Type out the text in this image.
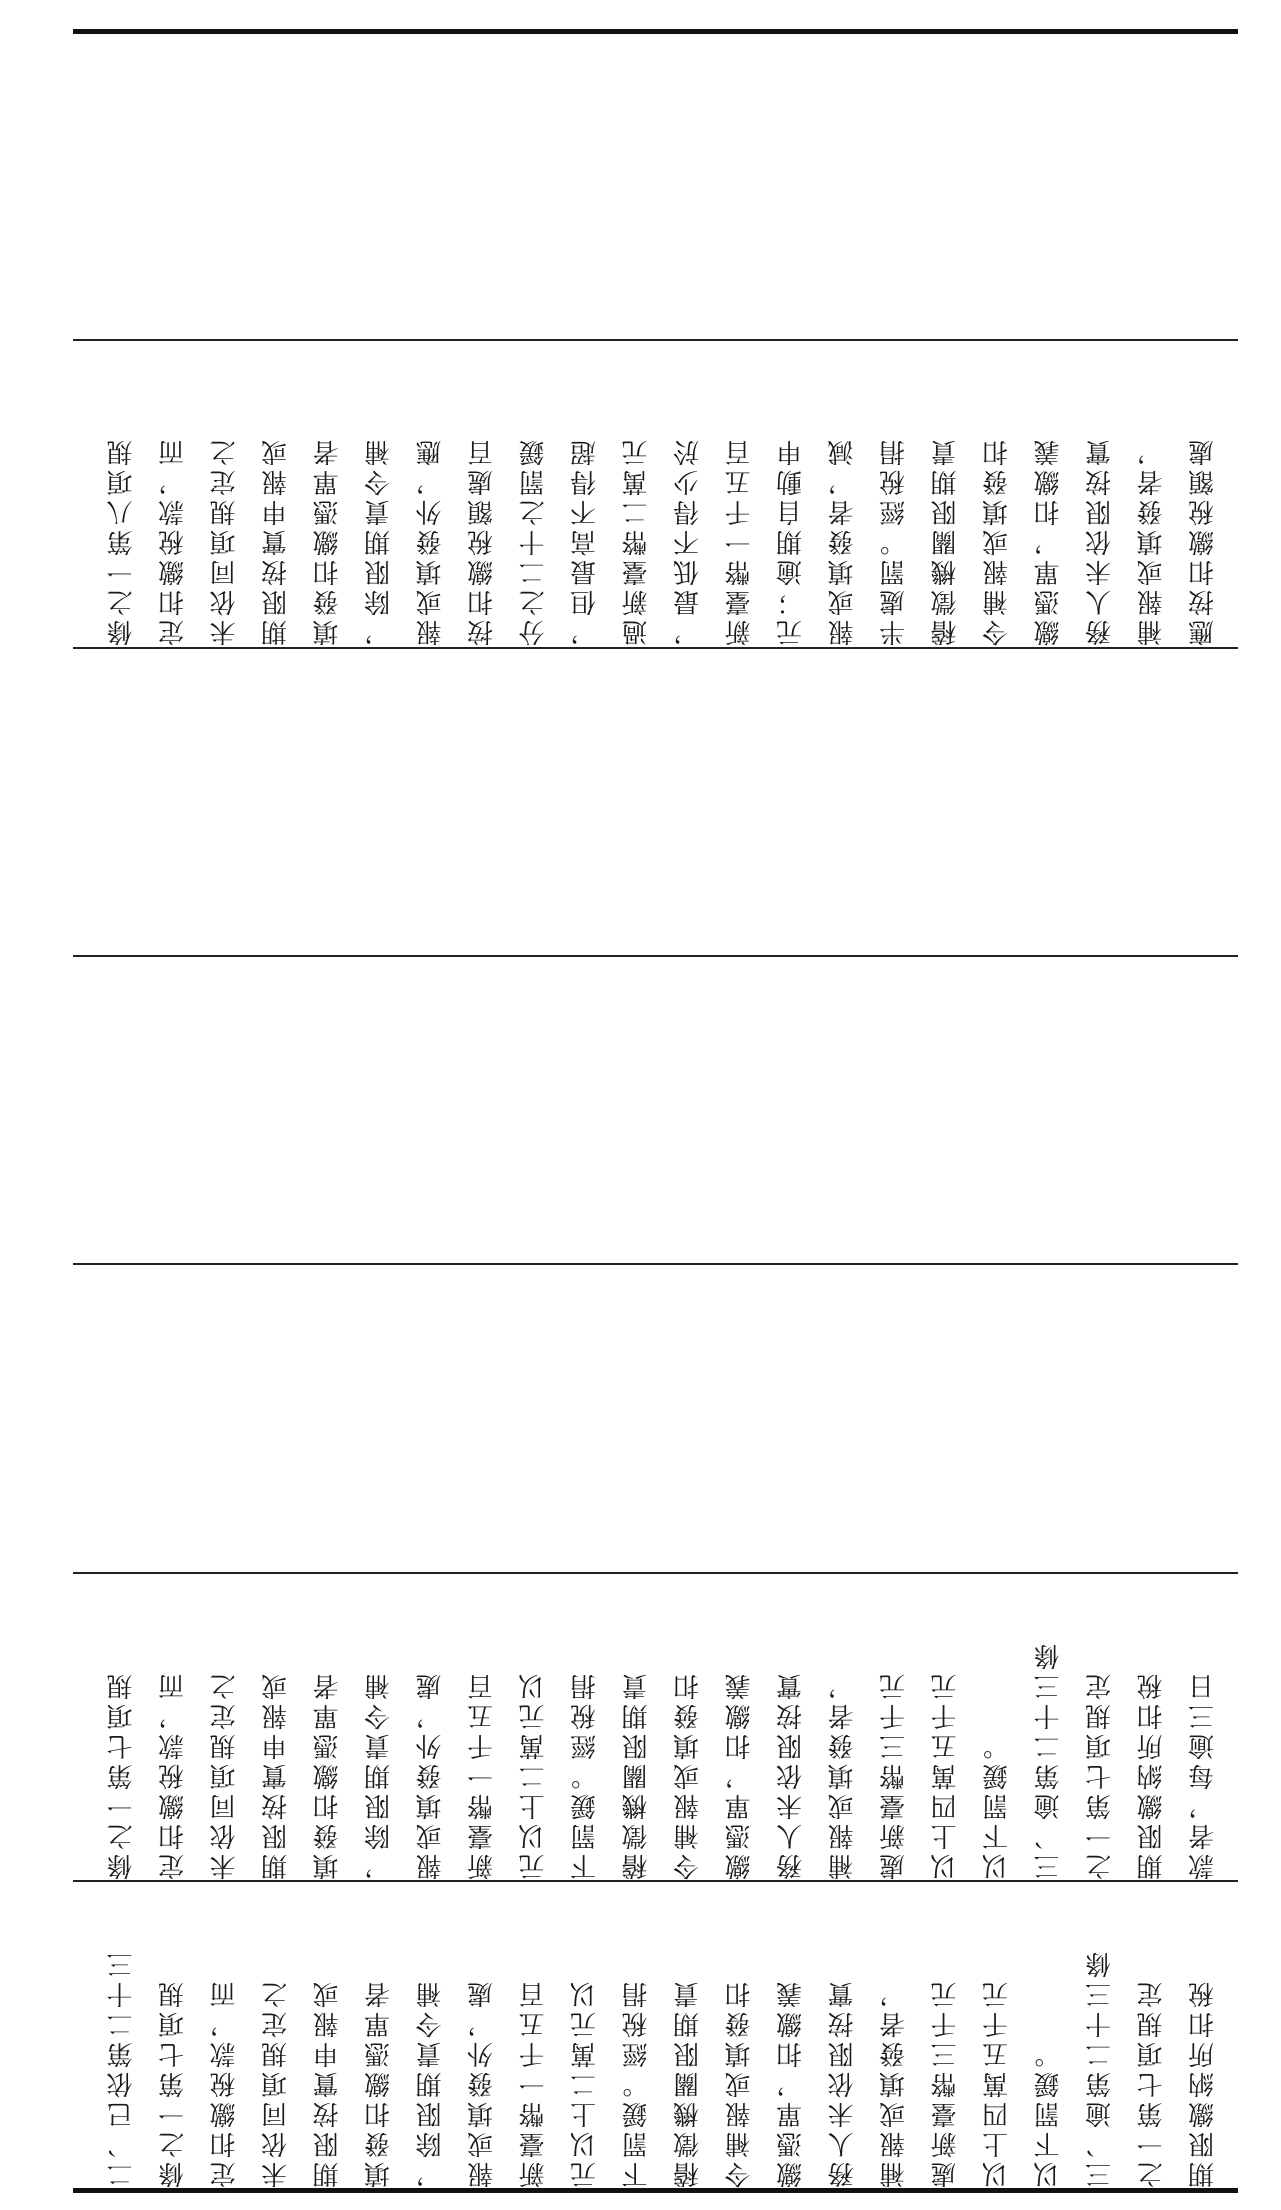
條之一第八項規
定扣繳稅款，而
未依同項規定之
期限按實申報或
填發扣繳憑單者
，除限期責令補
報或填發外，應
按扣繳稅額處百
分之二十之罰鍰
，但最高不得超
過新臺幣二萬元
，最低不得少於
新臺幣一千五百
元；逾期自動申
報或填發者，減
半處罰。經稅捐
稽徵機關限期責
令補報或填發扣
繳憑單，扣繳義
務人未依限按實
補報或填發者，
應按扣繳稅額處
條之一第七項規
定扣繳稅款，而
未依同項規定之
期限按實申報或
填發扣繳憑單者
，除限期責令補
報或填發外，處
新臺幣一千五百
元以上二萬元以
下罰鍰。經稅捐
稽徵機關限期責
令補報或填發扣
繳憑單，扣繳義
務人未依限按實
補報或填發者，
處新臺幣三千元
以上四萬五千元
以下罰鍰。
三、逾第二十三條
之一第七項規定
期限繳納所扣稅
款者，每逾三日
二、已依第二十三
條之一第七項規
定扣繳稅款，而
未依同項規定之
期限按實申報或
填發扣繳憑單者
，除限期責令補
報或填發外，處
新臺幣一千五百
元以上二萬元以
下罰鍰。經稅捐
稽徵機關限期責
令補報或填發扣
繳憑單，扣繳義
務人未依限按實
補報或填發者，
處新臺幣三千元
以上四萬五千元
以下罰鍰。
三、逾第二十三條
之一第七項規定
期限繳納所扣稅
